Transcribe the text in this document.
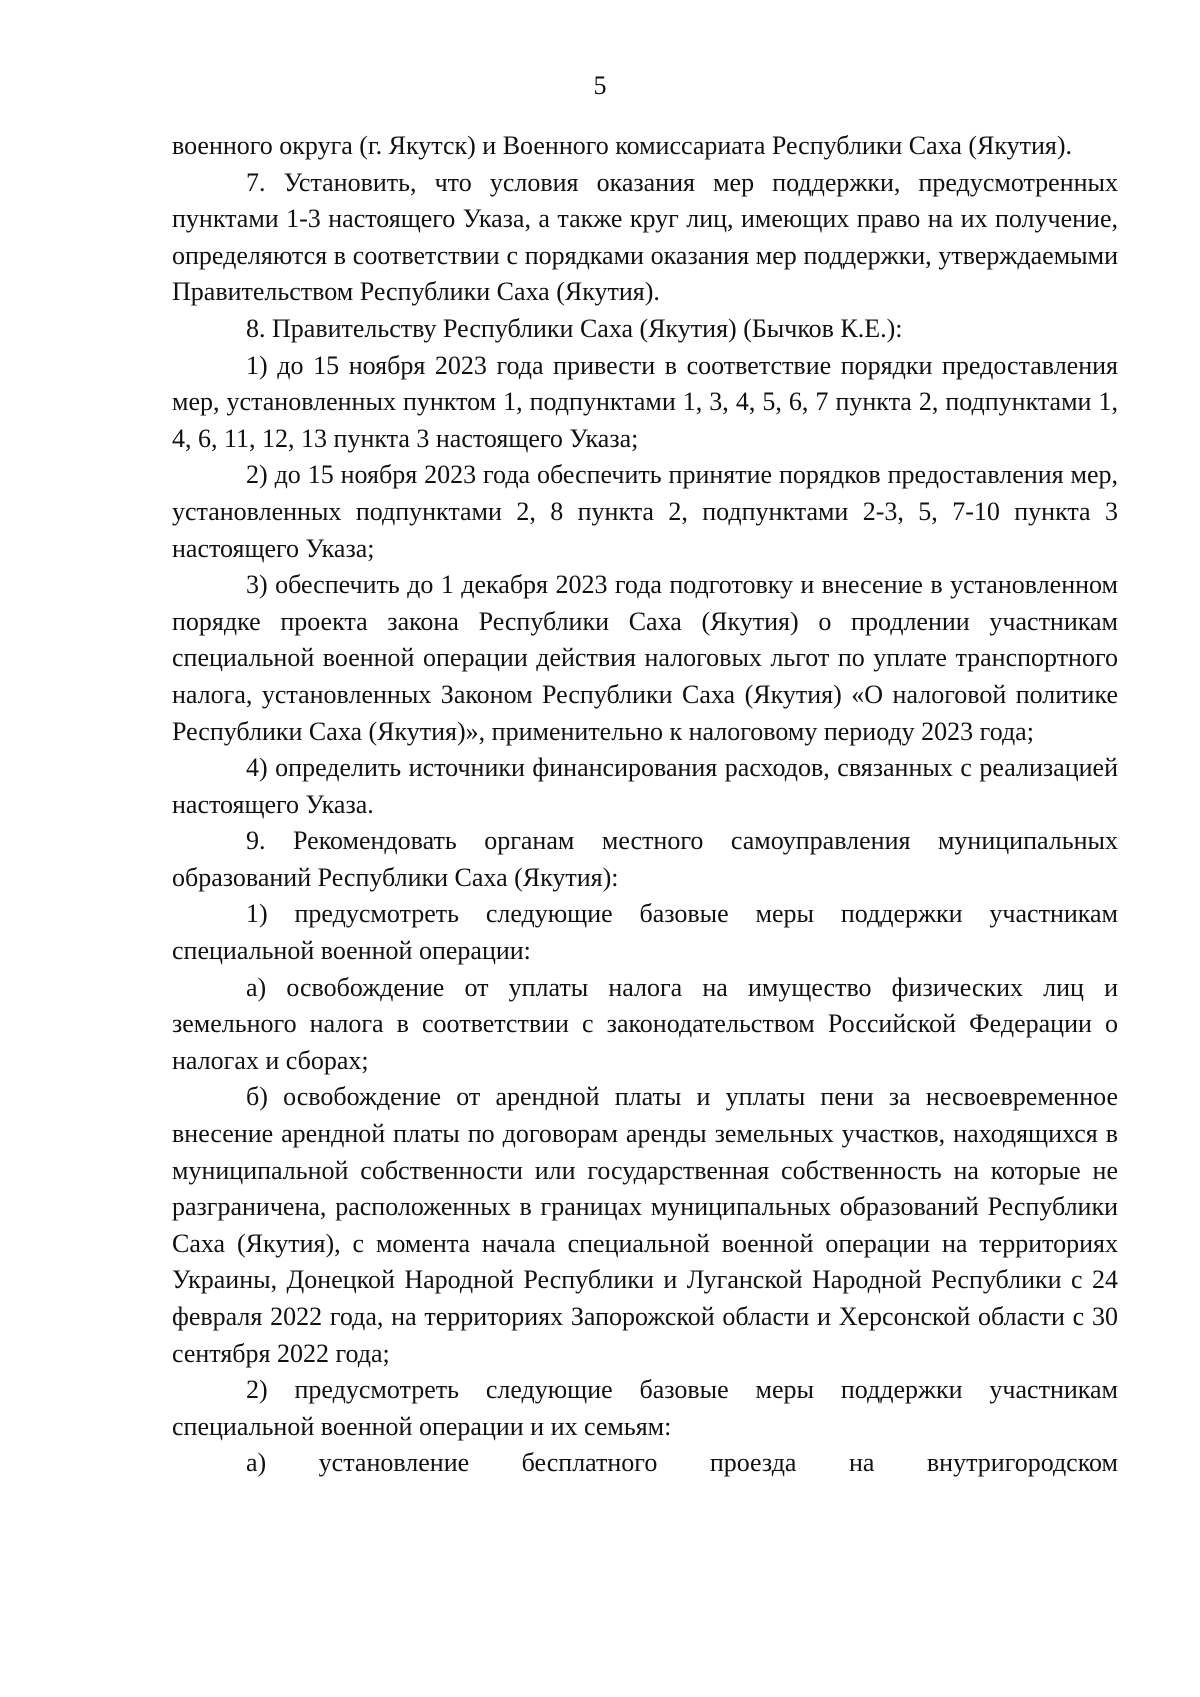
5

военного округа (г. Якутск) и Военного комиссариата Республики Саха (Якутия).

7. Установить, что условия оказания мер поддержки, предусмотренных пунктами 1-3 настоящего Указа, а также круг лиц, имеющих право на их получение, определяются в соответствии с порядками оказания мер поддержки, утверждаемыми Правительством Республики Саха (Якутия).

8. Правительству Республики Саха (Якутия) (Бычков К.Е.):

1) до 15 ноября 2023 года привести в соответствие порядки предоставления мер, установленных пунктом 1, подпунктами 1, 3, 4, 5, 6, 7 пункта 2, подпунктами 1, 4, 6, 11, 12, 13 пункта 3 настоящего Указа;

2) до 15 ноября 2023 года обеспечить принятие порядков предоставления мер, установленных подпунктами 2, 8 пункта 2, подпунктами 2-3, 5, 7-10 пункта 3 настоящего Указа;

3) обеспечить до 1 декабря 2023 года подготовку и внесение в установленном порядке проекта закона Республики Саха (Якутия) о продлении участникам специальной военной операции действия налоговых льгот по уплате транспортного налога, установленных Законом Республики Саха (Якутия) «О налоговой политике Республики Саха (Якутия)», применительно к налоговому периоду 2023 года;

4) определить источники финансирования расходов, связанных с реализацией настоящего Указа.

9. Рекомендовать органам местного самоуправления муниципальных образований Республики Саха (Якутия):

1) предусмотреть следующие базовые меры поддержки участникам специальной военной операции:

а) освобождение от уплаты налога на имущество физических лиц и земельного налога в соответствии с законодательством Российской Федерации о налогах и сборах;

б) освобождение от арендной платы и уплаты пени за несвоевременное внесение арендной платы по договорам аренды земельных участков, находящихся в муниципальной собственности или государственная собственность на которые не разграничена, расположенных в границах муниципальных образований Республики Саха (Якутия), с момента начала специальной военной операции на территориях Украины, Донецкой Народной Республики и Луганской Народной Республики с 24 февраля 2022 года, на территориях Запорожской области и Херсонской области с 30 сентября 2022 года;

2) предусмотреть следующие базовые меры поддержки участникам специальной военной операции и их семьям:

а) установление бесплатного проезда на внутригородском
